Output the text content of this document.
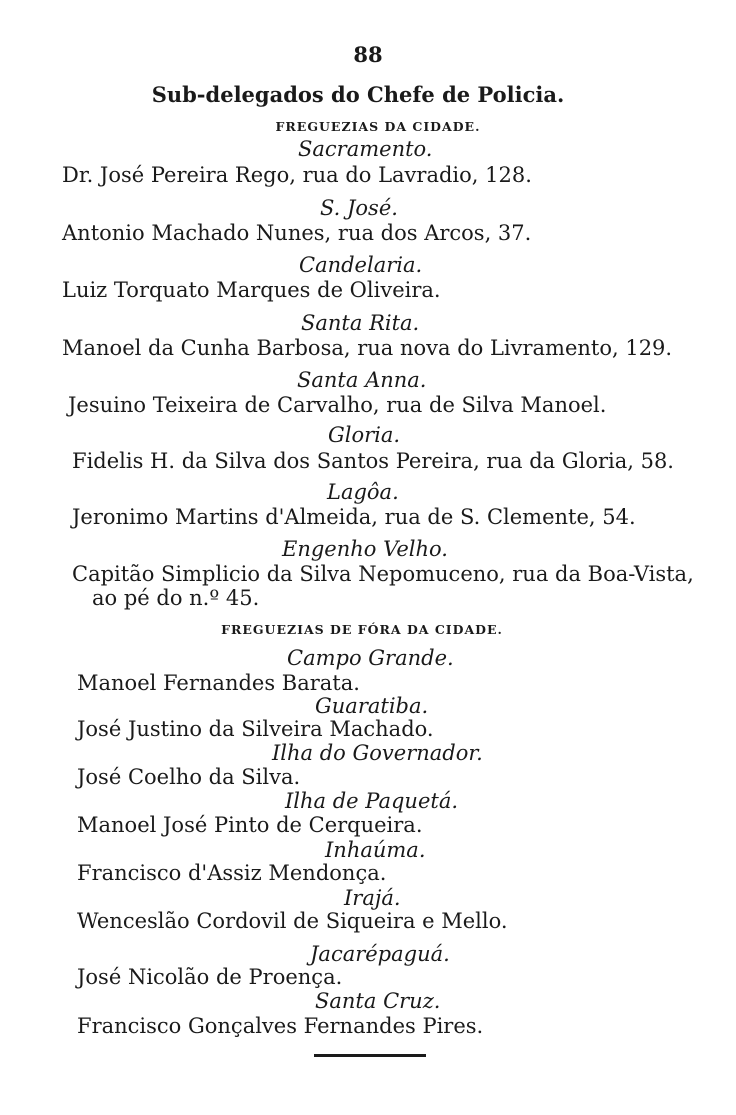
88
Sub-delegados do Chefe de Policia.
FREGUEZIAS DA CIDADE.
Sacramento.
Dr. José Pereira Rego, rua do Lavradio, 128.
S. José.
Antonio Machado Nunes, rua dos Arcos, 37.
Candelaria.
Luiz Torquato Marques de Oliveira.
Santa Rita.
Manoel da Cunha Barbosa, rua nova do Livramento, 129.
Santa Anna.
Jesuino Teixeira de Carvalho, rua de Silva Manoel.
Gloria.
Fidelis H. da Silva dos Santos Pereira, rua da Gloria, 58.
Lagôa.
Jeronimo Martins d'Almeida, rua de S. Clemente, 54.
Engenho Velho.
Capitão Simplicio da Silva Nepomuceno, rua da Boa-Vista,
ao pé do n.º 45.
FREGUEZIAS DE FÓRA DA CIDADE.
Campo Grande.
Manoel Fernandes Barata.
Guaratiba.
José Justino da Silveira Machado.
Ilha do Governador.
José Coelho da Silva.
Ilha de Paquetá.
Manoel José Pinto de Cerqueira.
Inhaúma.
Francisco d'Assiz Mendonça.
Irajá.
Wenceslão Cordovil de Siqueira e Mello.
Jacarépaguá.
José Nicolão de Proença.
Santa Cruz.
Francisco Gonçalves Fernandes Pires.
